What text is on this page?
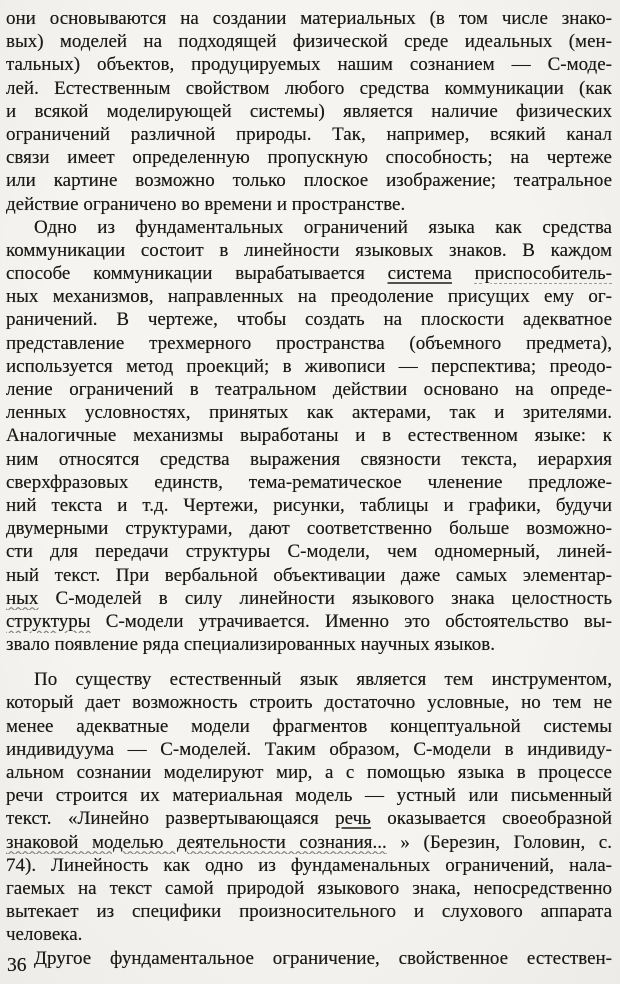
они основываются на создании материальных (в том числе знако-
вых) моделей на подходящей физической среде идеальных (мен-
тальных) объектов, продуцируемых нашим сознанием — С-моде-
лей. Естественным свойством любого средства коммуникации (как
и всякой моделирующей системы) является наличие физических
ограничений различной природы. Так, например, всякий канал
связи имеет определенную пропускную способность; на чертеже
или картине возможно только плоское изображение; театральное
действие ограничено во времени и пространстве.
Одно из фундаментальных ограничений языка как средства
коммуникации состоит в линейности языковых знаков. В каждом
способе коммуникации вырабатывается система приспособитель-
ных механизмов, направленных на преодоление присущих ему ог-
раничений. В чертеже, чтобы создать на плоскости адекватное
представление трехмерного пространства (объемного предмета),
используется метод проекций; в живописи — перспектива; преодо-
ление ограничений в театральном действии основано на опреде-
ленных условностях, принятых как актерами, так и зрителями.
Аналогичные механизмы выработаны и в естественном языке: к
ним относятся средства выражения связности текста, иерархия
сверхфразовых единств, тема-рематическое членение предложе-
ний текста и т.д. Чертежи, рисунки, таблицы и графики, будучи
двумерными структурами, дают соответственно больше возможно-
сти для передачи структуры С-модели, чем одномерный, линей-
ный текст. При вербальной объективации даже самых элементар-
ных С-моделей в силу линейности языкового знака целостность
структуры С-модели утрачивается. Именно это обстоятельство вы-
звало появление ряда специализированных научных языков.
По существу естественный язык является тем инструментом,
который дает возможность строить достаточно условные, но тем не
менее адекватные модели фрагментов концептуальной системы
индивидуума — С-моделей. Таким образом, С-модели в индивиду-
альном сознании моделируют мир, а с помощью языка в процессе
речи строится их материальная модель — устный или письменный
текст. «Линейно развертывающаяся речь оказывается своеобразной
знаковой моделью деятельности сознания... » (Березин, Головин, с.
74). Линейность как одно из фундаменальных ограничений, нала-
гаемых на текст самой природой языкового знака, непосредственно
вытекает из специфики произносительного и слухового аппарата
человека.
Другое фундаментальное ограничение, свойственное естествен-
36
